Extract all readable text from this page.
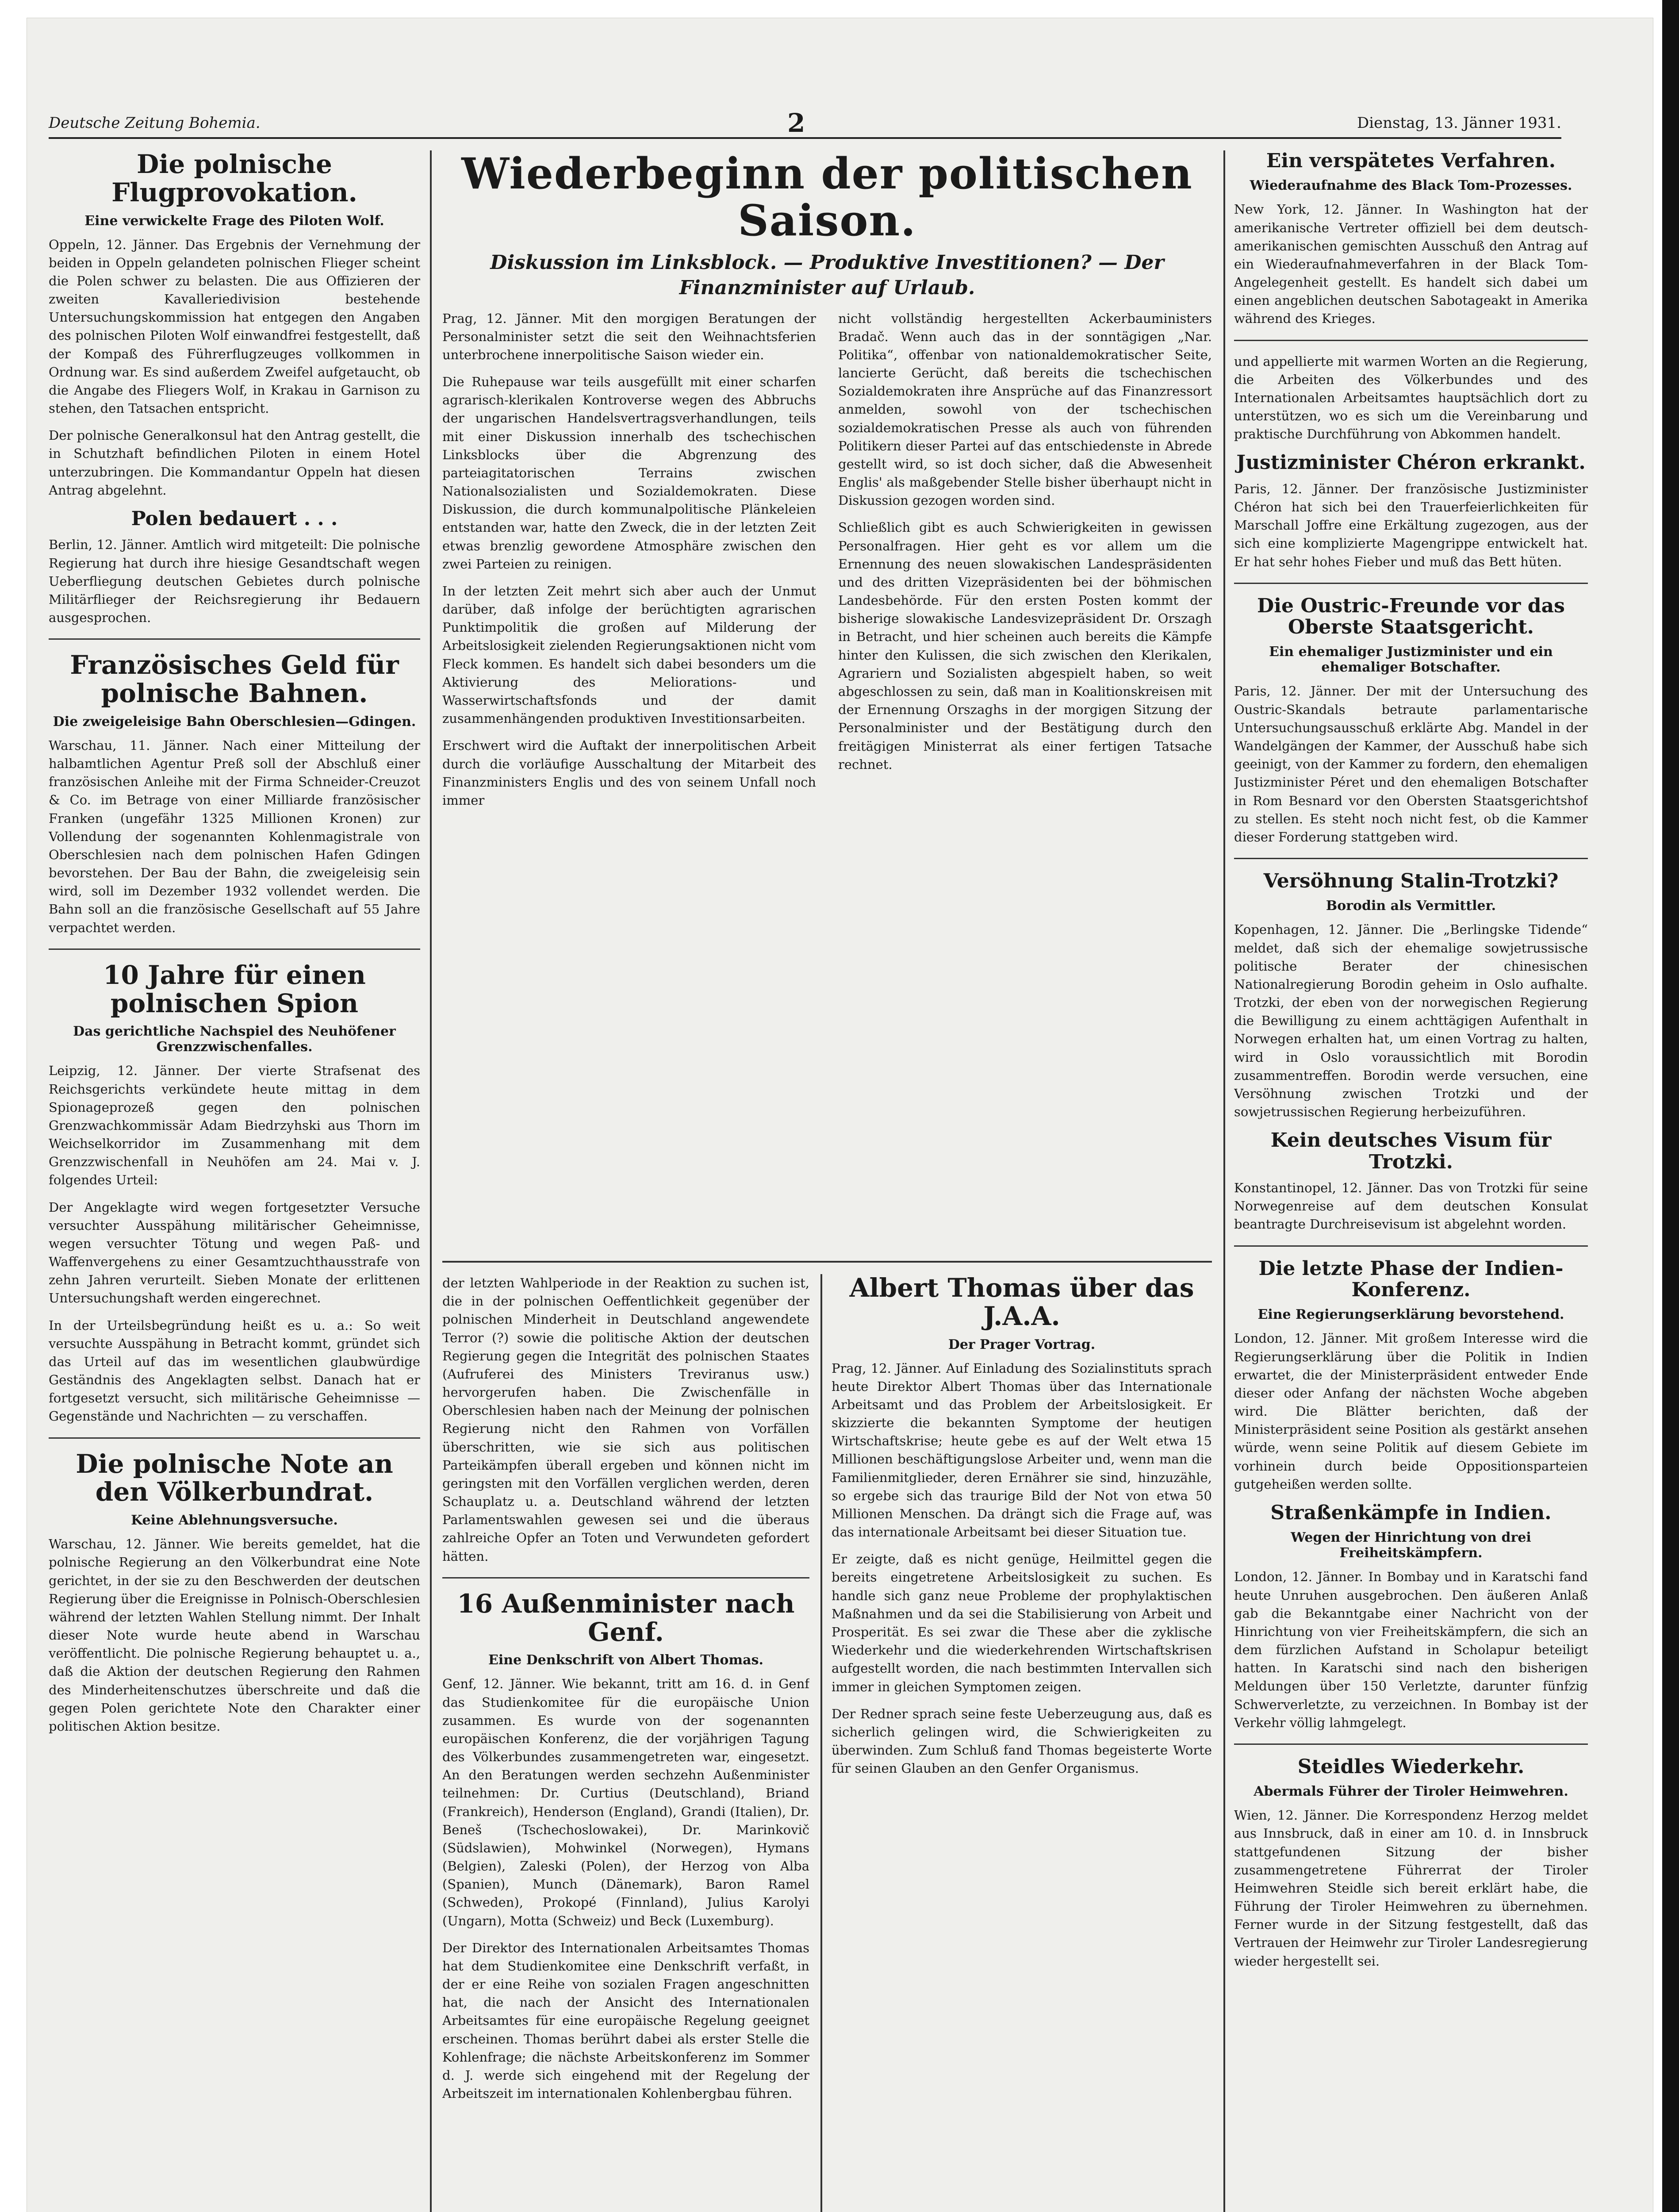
Deutsche Zeitung Bohemia.	2	Dienstag, 13. Jänner 1931.
Die polnische Flugprovokation.
Eine verwickelte Frage des Piloten Wolf.

Oppeln, 12. Jänner. Das Ergebnis der Vernehmung der beiden in Oppeln gelandeten polnischen Flieger scheint die Polen schwer zu belasten. Die aus Offizieren der zweiten Kavalleriedivision bestehende Untersuchungskommission hat entgegen den Angaben des polnischen Piloten Wolf einwandfrei festgestellt, daß der Kompaß des Führerflugzeuges vollkommen in Ordnung war. Es sind außerdem Zweifel aufgetaucht, ob die Angabe des Fliegers Wolf, in Krakau in Garnison zu stehen, den Tatsachen entspricht.

Der polnische Generalkonsul hat den Antrag gestellt, die in Schutzhaft befindlichen Piloten in einem Hotel unterzubringen. Die Kommandantur Oppeln hat diesen Antrag abgelehnt.

Polen bedauert . . .

Berlin, 12. Jänner. Amtlich wird mitgeteilt: Die polnische Regierung hat durch ihre hiesige Gesandtschaft wegen Ueberfliegung deutschen Gebietes durch polnische Militärflieger der Reichsregierung ihr Bedauern ausgesprochen.

Französisches Geld für polnische Bahnen.
Die zweigeleisige Bahn Oberschlesien—Gdingen.

Warschau, 11. Jänner. Nach einer Mitteilung der halbamtlichen Agentur Preß soll der Abschluß einer französischen Anleihe mit der Firma Schneider-Creuzot & Co. im Betrage von einer Milliarde französischer Franken (ungefähr 1325 Millionen Kronen) zur Vollendung der sogenannten Kohlenmagistrale von Oberschlesien nach dem polnischen Hafen Gdingen bevorstehen. Der Bau der Bahn, die zweigeleisig sein wird, soll im Dezember 1932 vollendet werden. Die Bahn soll an die französische Gesellschaft auf 55 Jahre verpachtet werden.

10 Jahre für einen polnischen Spion
Das gerichtliche Nachspiel des Neuhöfener Grenzzwischenfalles.

Leipzig, 12. Jänner. Der vierte Strafsenat des Reichsgerichts verkündete heute mittag in dem Spionageprozeß gegen den polnischen Grenzwachkommissär Adam Biedrzyhski aus Thorn im Weichselkorridor im Zusammenhang mit dem Grenzzwischenfall in Neuhöfen am 24. Mai v. J. folgendes Urteil:

Der Angeklagte wird wegen fortgesetzter Versuche versuchter Ausspähung militärischer Geheimnisse, wegen versuchter Tötung und wegen Paß- und Waffenvergehens zu einer Gesamtzuchthausstrafe von zehn Jahren verurteilt. Sieben Monate der erlittenen Untersuchungshaft werden eingerechnet.

In der Urteilsbegründung heißt es u. a.: So weit versuchte Ausspähung in Betracht kommt, gründet sich das Urteil auf das im wesentlichen glaubwürdige Geständnis des Angeklagten selbst. Danach hat er fortgesetzt versucht, sich militärische Geheimnisse — Gegenstände und Nachrichten — zu verschaffen.

Die polnische Note an den Völkerbundrat.
Keine Ablehnungsversuche.

Warschau, 12. Jänner. Wie bereits gemeldet, hat die polnische Regierung an den Völkerbundrat eine Note gerichtet, in der sie zu den Beschwerden der deutschen Regierung über die Ereignisse in Polnisch-Oberschlesien während der letzten Wahlen Stellung nimmt. Der Inhalt dieser Note wurde heute abend in Warschau veröffentlicht. Die polnische Regierung behauptet u. a., daß die Aktion der deutschen Regierung den Rahmen des Minderheitenschutzes überschreite und daß die gegen Polen gerichtete Note den Charakter einer politischen Aktion besitze.

Wiederbeginn der politischen Saison.
Diskussion im Linksblock. — Produktive Investitionen? — Der Finanzminister auf Urlaub.

Prag, 12. Jänner. Mit den morgigen Beratungen der Personalminister setzt die seit den Weihnachtsferien unterbrochene innerpolitische Saison wieder ein.

Die Ruhepause war teils ausgefüllt mit einer scharfen agrarisch-klerikalen Kontroverse wegen des Abbruchs der ungarischen Handelsvertragsverhandlungen, teils mit einer Diskussion innerhalb des tschechischen Linksblocks über die Abgrenzung des parteiagitatorischen Terrains zwischen Nationalsozialisten und Sozialdemokraten. Diese Diskussion, die durch kommunalpolitische Plänkeleien entstanden war, hatte den Zweck, die in der letzten Zeit etwas brenzlig gewordene Atmosphäre zwischen den zwei Parteien zu reinigen.

In der letzten Zeit mehrt sich aber auch der Unmut darüber, daß infolge der berüchtigten agrarischen Punktimpolitik die großen auf Milderung der Arbeitslosigkeit zielenden Regierungsaktionen nicht vom Fleck kommen. Es handelt sich dabei besonders um die Aktivierung des Meliorations- und Wasserwirtschaftsfonds und der damit zusammenhängenden produktiven Investitionsarbeiten.

Erschwert wird die Auftakt der innerpolitischen Arbeit durch die vorläufige Ausschaltung der Mitarbeit des Finanzministers Englis und des von seinem Unfall noch immer

nicht vollständig hergestellten Ackerbauministers Bradač. Wenn auch das in der sonntägigen „Nar. Politika“, offenbar von nationaldemokratischer Seite, lancierte Gerücht, daß bereits die tschechischen Sozialdemokraten ihre Ansprüche auf das Finanzressort anmelden, sowohl von der tschechischen sozialdemokratischen Presse als auch von führenden Politikern dieser Partei auf das entschiedenste in Abrede gestellt wird, so ist doch sicher, daß die Abwesenheit Englis' als maßgebender Stelle bisher überhaupt nicht in Diskussion gezogen worden sind.

Schließlich gibt es auch Schwierigkeiten in gewissen Personalfragen. Hier geht es vor allem um die Ernennung des neuen slowakischen Landespräsidenten und des dritten Vizepräsidenten bei der böhmischen Landesbehörde. Für den ersten Posten kommt der bisherige slowakische Landesvizepräsident Dr. Orszagh in Betracht, und hier scheinen auch bereits die Kämpfe hinter den Kulissen, die sich zwischen den Klerikalen, Agrariern und Sozialisten abgespielt haben, so weit abgeschlossen zu sein, daß man in Koalitionskreisen mit der Ernennung Orszaghs in der morgigen Sitzung der Personalminister und der Bestätigung durch den freitägigen Ministerrat als einer fertigen Tatsache rechnet.

der letzten Wahlperiode in der Reaktion zu suchen ist, die in der polnischen Oeffentlichkeit gegenüber der polnischen Minderheit in Deutschland angewendete Terror (?) sowie die politische Aktion der deutschen Regierung gegen die Integrität des polnischen Staates (Aufruferei des Ministers Treviranus usw.) hervorgerufen haben. Die Zwischenfälle in Oberschlesien haben nach der Meinung der polnischen Regierung nicht den Rahmen von Vorfällen überschritten, wie sie sich aus politischen Parteikämpfen überall ergeben und können nicht im geringsten mit den Vorfällen verglichen werden, deren Schauplatz u. a. Deutschland während der letzten Parlamentswahlen gewesen sei und die überaus zahlreiche Opfer an Toten und Verwundeten gefordert hätten.

16 Außenminister nach Genf.
Eine Denkschrift von Albert Thomas.

Genf, 12. Jänner. Wie bekannt, tritt am 16. d. in Genf das Studienkomitee für die europäische Union zusammen. Es wurde von der sogenannten europäischen Konferenz, die der vorjährigen Tagung des Völkerbundes zusammengetreten war, eingesetzt. An den Beratungen werden sechzehn Außenminister teilnehmen: Dr. Curtius (Deutschland), Briand (Frankreich), Henderson (England), Grandi (Italien), Dr. Beneš (Tschechoslowakei), Dr. Marinkovič (Südslawien), Mohwinkel (Norwegen), Hymans (Belgien), Zaleski (Polen), der Herzog von Alba (Spanien), Munch (Dänemark), Baron Ramel (Schweden), Prokopé (Finnland), Julius Karolyi (Ungarn), Motta (Schweiz) und Beck (Luxemburg).

Der Direktor des Internationalen Arbeitsamtes Thomas hat dem Studienkomitee eine Denkschrift verfaßt, in der er eine Reihe von sozialen Fragen angeschnitten hat, die nach der Ansicht des Internationalen Arbeitsamtes für eine europäische Regelung geeignet erscheinen. Thomas berührt dabei als erster Stelle die Kohlenfrage; die nächste Arbeitskonferenz im Sommer d. J. werde sich eingehend mit der Regelung der Arbeitszeit im internationalen Kohlenbergbau führen.

Albert Thomas über das J.A.A.
Der Prager Vortrag.

Prag, 12. Jänner. Auf Einladung des Sozialinstituts sprach heute Direktor Albert Thomas über das Internationale Arbeitsamt und das Problem der Arbeitslosigkeit. Er skizzierte die bekannten Symptome der heutigen Wirtschaftskrise; heute gebe es auf der Welt etwa 15 Millionen beschäftigungslose Arbeiter und, wenn man die Familienmitglieder, deren Ernährer sie sind, hinzuzähle, so ergebe sich das traurige Bild der Not von etwa 50 Millionen Menschen. Da drängt sich die Frage auf, was das internationale Arbeitsamt bei dieser Situation tue.

Er zeigte, daß es nicht genüge, Heilmittel gegen die bereits eingetretene Arbeitslosigkeit zu suchen. Es handle sich ganz neue Probleme der prophylaktischen Maßnahmen und da sei die Stabilisierung von Arbeit und Prosperität. Es sei zwar die These aber die zyklische Wiederkehr und die wiederkehrenden Wirtschaftskrisen aufgestellt worden, die nach bestimmten Intervallen sich immer in gleichen Symptomen zeigen.

Der Redner sprach seine feste Ueberzeugung aus, daß es sicherlich gelingen wird, die Schwierigkeiten zu überwinden. Zum Schluß fand Thomas begeisterte Worte für seinen Glauben an den Genfer Organismus.

Ein verspätetes Verfahren.
Wiederaufnahme des Black Tom-Prozesses.

New York, 12. Jänner. In Washington hat der amerikanische Vertreter offiziell bei dem deutsch-amerikanischen gemischten Ausschuß den Antrag auf ein Wiederaufnahmeverfahren in der Black Tom-Angelegenheit gestellt. Es handelt sich dabei um einen angeblichen deutschen Sabotageakt in Amerika während des Krieges.

und appellierte mit warmen Worten an die Regierung, die Arbeiten des Völkerbundes und des Internationalen Arbeitsamtes hauptsächlich dort zu unterstützen, wo es sich um die Vereinbarung und praktische Durchführung von Abkommen handelt.

Justizminister Chéron erkrankt.

Paris, 12. Jänner. Der französische Justizminister Chéron hat sich bei den Trauerfeierlichkeiten für Marschall Joffre eine Erkältung zugezogen, aus der sich eine komplizierte Magengrippe entwickelt hat. Er hat sehr hohes Fieber und muß das Bett hüten.

Die Oustric-Freunde vor das Oberste Staatsgericht.
Ein ehemaliger Justizminister und ein ehemaliger Botschafter.

Paris, 12. Jänner. Der mit der Untersuchung des Oustric-Skandals betraute parlamentarische Untersuchungsausschuß erklärte Abg. Mandel in der Wandelgängen der Kammer, der Ausschuß habe sich geeinigt, von der Kammer zu fordern, den ehemaligen Justizminister Péret und den ehemaligen Botschafter in Rom Besnard vor den Obersten Staatsgerichtshof zu stellen. Es steht noch nicht fest, ob die Kammer dieser Forderung stattgeben wird.

Versöhnung Stalin-Trotzki?
Borodin als Vermittler.

Kopenhagen, 12. Jänner. Die „Berlingske Tidende“ meldet, daß sich der ehemalige sowjetrussische politische Berater der chinesischen Nationalregierung Borodin geheim in Oslo aufhalte. Trotzki, der eben von der norwegischen Regierung die Bewilligung zu einem achttägigen Aufenthalt in Norwegen erhalten hat, um einen Vortrag zu halten, wird in Oslo voraussichtlich mit Borodin zusammentreffen. Borodin werde versuchen, eine Versöhnung zwischen Trotzki und der sowjetrussischen Regierung herbeizuführen.

Kein deutsches Visum für Trotzki.

Konstantinopel, 12. Jänner. Das von Trotzki für seine Norwegenreise auf dem deutschen Konsulat beantragte Durchreisevisum ist abgelehnt worden.

Die letzte Phase der Indien-Konferenz.
Eine Regierungserklärung bevorstehend.

London, 12. Jänner. Mit großem Interesse wird die Regierungserklärung über die Politik in Indien erwartet, die der Ministerpräsident entweder Ende dieser oder Anfang der nächsten Woche abgeben wird. Die Blätter berichten, daß der Ministerpräsident seine Position als gestärkt ansehen würde, wenn seine Politik auf diesem Gebiete im vorhinein durch beide Oppositionsparteien gutgeheißen werden sollte.

Straßenkämpfe in Indien.
Wegen der Hinrichtung von drei Freiheitskämpfern.

London, 12. Jänner. In Bombay und in Karatschi fand heute Unruhen ausgebrochen. Den äußeren Anlaß gab die Bekanntgabe einer Nachricht von der Hinrichtung von vier Freiheitskämpfern, die sich an dem fürzlichen Aufstand in Scholapur beteiligt hatten. In Karatschi sind nach den bisherigen Meldungen über 150 Verletzte, darunter fünfzig Schwerverletzte, zu verzeichnen. In Bombay ist der Verkehr völlig lahmgelegt.

Steidles Wiederkehr.
Abermals Führer der Tiroler Heimwehren.

Wien, 12. Jänner. Die Korrespondenz Herzog meldet aus Innsbruck, daß in einer am 10. d. in Innsbruck stattgefundenen Sitzung der bisher zusammengetretene Führerrat der Tiroler Heimwehren Steidle sich bereit erklärt habe, die Führung der Tiroler Heimwehren zu übernehmen. Ferner wurde in der Sitzung festgestellt, daß das Vertrauen der Heimwehr zur Tiroler Landesregierung wieder hergestellt sei.
